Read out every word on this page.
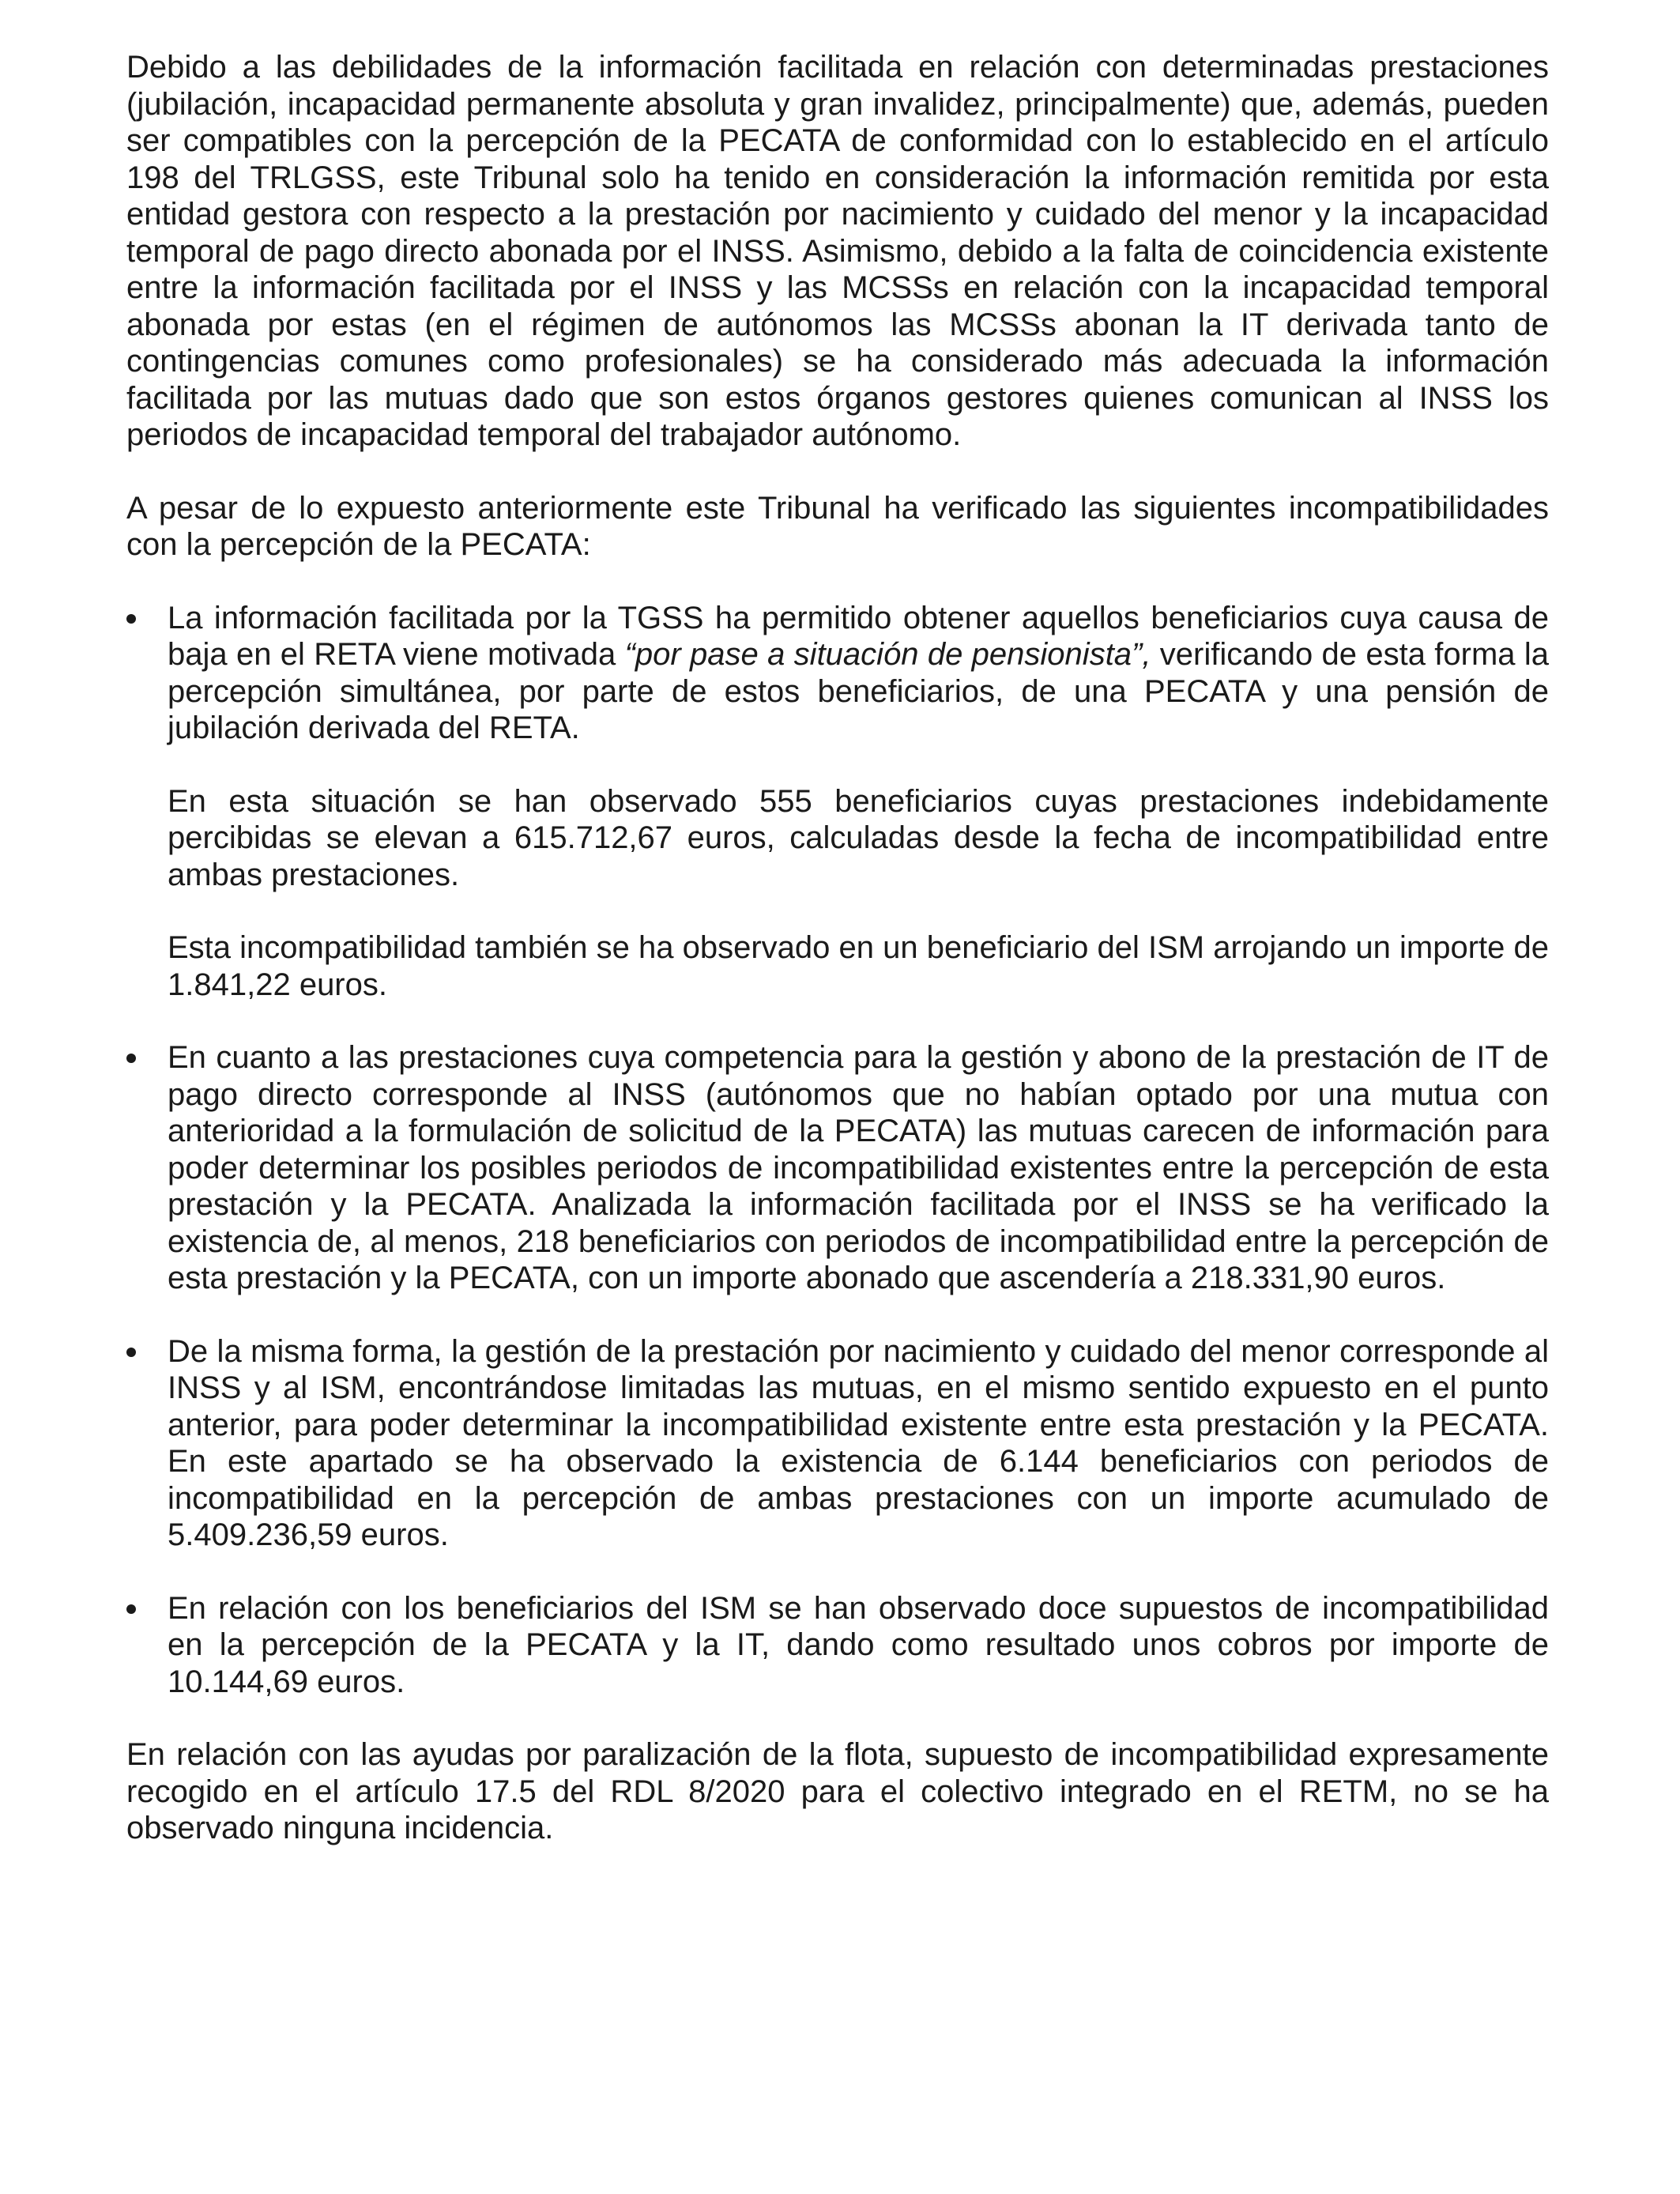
Debido a las debilidades de la información facilitada en relación con determinadas prestaciones (jubilación, incapacidad permanente absoluta y gran invalidez, principalmente) que, además, pueden ser compatibles con la percepción de la PECATA de conformidad con lo establecido en el artículo 198 del TRLGSS, este Tribunal solo ha tenido en consideración la información remitida por esta entidad gestora con respecto a la prestación por nacimiento y cuidado del menor y la incapacidad temporal de pago directo abonada por el INSS. Asimismo, debido a la falta de coincidencia existente entre la información facilitada por el INSS y las MCSSs en relación con la incapacidad temporal abonada por estas (en el régimen de autónomos las MCSSs abonan la IT derivada tanto de contingencias comunes como profesionales) se ha considerado más adecuada la información facilitada por las mutuas dado que son estos órganos gestores quienes comunican al INSS los periodos de incapacidad temporal del trabajador autónomo.

A pesar de lo expuesto anteriormente este Tribunal ha verificado las siguientes incompatibilidades con la percepción de la PECATA:

La información facilitada por la TGSS ha permitido obtener aquellos beneficiarios cuya causa de baja en el RETA viene motivada “por pase a situación de pensionista”, verificando de esta forma la percepción simultánea, por parte de estos beneficiarios, de una PECATA y una pensión de jubilación derivada del RETA.

En esta situación se han observado 555 beneficiarios cuyas prestaciones indebidamente percibidas se elevan a 615.712,67 euros, calculadas desde la fecha de incompatibilidad entre ambas prestaciones.

Esta incompatibilidad también se ha observado en un beneficiario del ISM arrojando un importe de 1.841,22 euros.

En cuanto a las prestaciones cuya competencia para la gestión y abono de la prestación de IT de pago directo corresponde al INSS (autónomos que no habían optado por una mutua con anterioridad a la formulación de solicitud de la PECATA) las mutuas carecen de información para poder determinar los posibles periodos de incompatibilidad existentes entre la percepción de esta prestación y la PECATA. Analizada la información facilitada por el INSS se ha verificado la existencia de, al menos, 218 beneficiarios con periodos de incompatibilidad entre la percepción de esta prestación y la PECATA, con un importe abonado que ascendería a 218.331,90 euros.

De la misma forma, la gestión de la prestación por nacimiento y cuidado del menor corresponde al INSS y al ISM, encontrándose limitadas las mutuas, en el mismo sentido expuesto en el punto anterior, para poder determinar la incompatibilidad existente entre esta prestación y la PECATA. En este apartado se ha observado la existencia de 6.144 beneficiarios con periodos de incompatibilidad en la percepción de ambas prestaciones con un importe acumulado de 5.409.236,59 euros.

En relación con los beneficiarios del ISM se han observado doce supuestos de incompatibilidad en la percepción de la PECATA y la IT, dando como resultado unos cobros por importe de 10.144,69 euros.

En relación con las ayudas por paralización de la flota, supuesto de incompatibilidad expresamente recogido en el artículo 17.5 del RDL 8/2020 para el colectivo integrado en el RETM, no se ha observado ninguna incidencia.
